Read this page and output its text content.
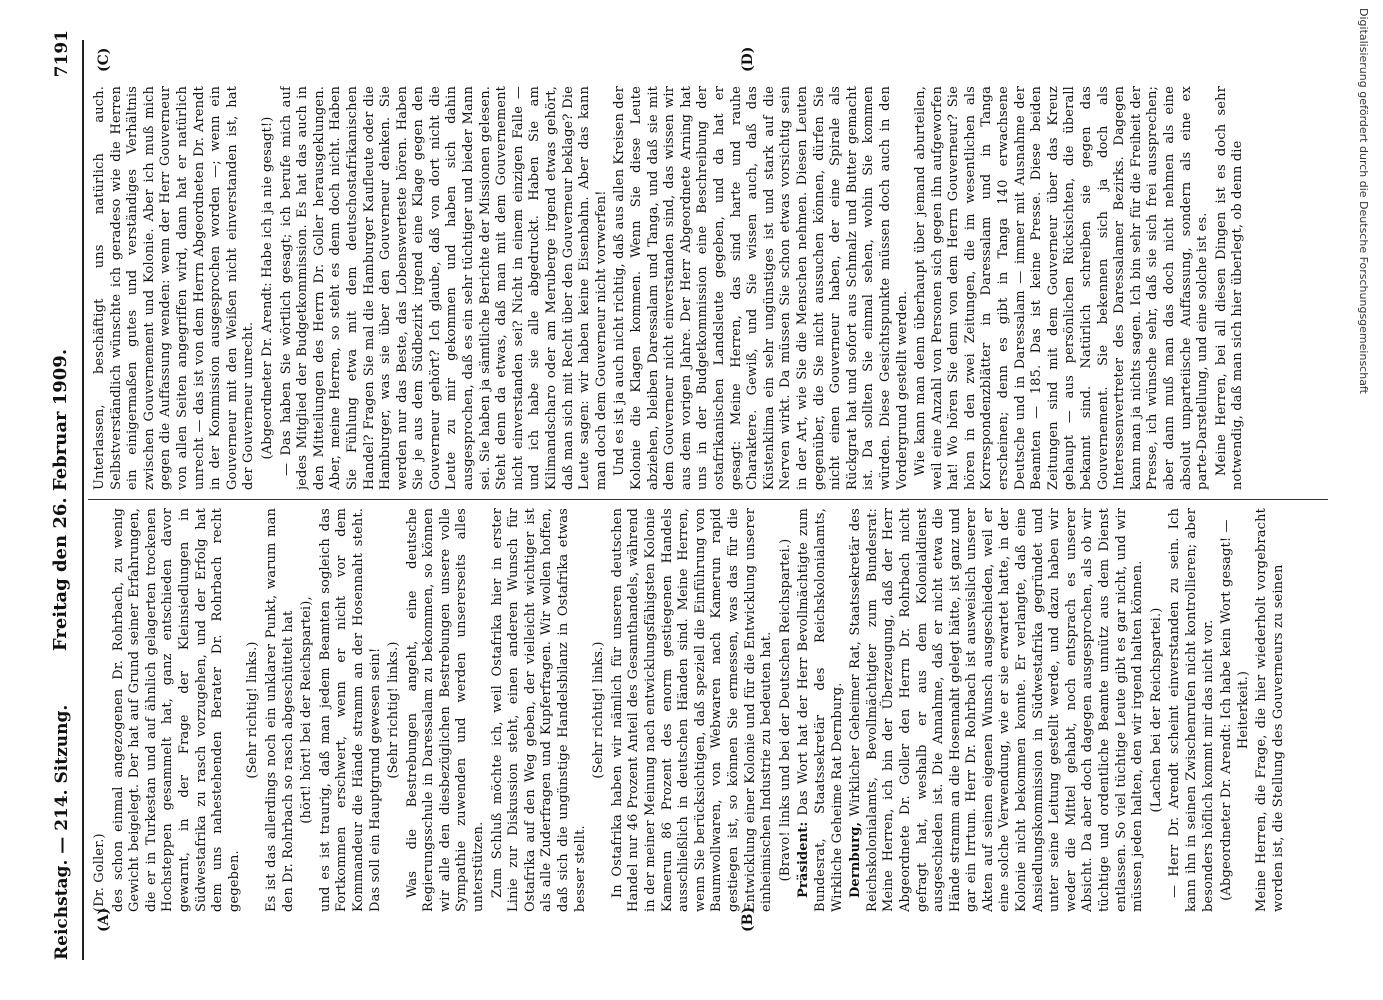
Reichstag. — 214. Sitzung.
Freitag den 26. Februar 1909.
7191
(A)	(B)
(C)	(D)

(Dr. Goller.) des schon einmal angezogenen Dr. Rohrbach, zu wenig Gewicht beigelegt. Der hat auf Grund seiner Erfahrungen, die er in Turkestan und auf ähnlich gelagerten trockenen Hochsteppen gesammelt hat, ganz entschieden davor gewarnt, in der Frage der Kleinsiedlungen in Südwestafrika zu rasch vorzugehen, und der Erfolg hat dem uns nahestehenden Berater Dr. Rohrbach recht gegeben.

(Sehr richtig! links.) Es ist das allerdings noch ein unklarer Punkt, warum man den Dr. Rohrbach so rasch abgeschüttelt hat (hört! hört! bei der Reichspartei), und es ist traurig, daß man jedem Beamten sogleich das Fortkommen erschwert, wenn er nicht vor dem Kommandeur die Hände stramm an der Hosennaht steht. Das soll ein Hauptgrund gewesen sein! (Sehr richtig! links.) Was die Bestrebungen angeht, eine deutsche Regierungsschule in Daressalam zu bekommen, so können wir alle den diesbezüglichen Bestrebungen unsere volle Sympathie zuwenden und werden unsererseits alles unterstützen. Zum Schluß möchte ich, weil Ostafrika hier in erster Linie zur Diskussion steht, einen anderen Wunsch für Ostafrika auf den Weg geben, der vielleicht wichtiger ist als alle Zuderfragen und Kupferfragen. Wir wollen hoffen, daß sich die ungünstige Handelsbilanz in Ostafrika etwas besser stellt.

(Sehr richtig! links.) In Ostafrika haben wir nämlich für unseren deutschen Handel nur 46 Prozent Anteil des Gesamthandels, während in der meiner Meinung nach entwicklungsfähigsten Kolonie Kamerun 86 Prozent des enorm gestiegenen Handels ausschließlich in deutschen Händen sind. Meine Herren, wenn Sie berücksichtigen, daß speziell die Einführung von Baumwollwaren, von Webwaren nach Kamerun rapid gestiegen ist, so können Sie ermessen, was das für die Entwicklung einer Kolonie und für die Entwicklung unserer einheimischen Industrie zu bedeuten hat. (Bravo! links und bei der Deutschen Reichspartei.) Präsident: Das Wort hat der Herr Bevollmächtigte zum Bundesrat, Staatssekretär des Reichskolonialamts, Wirkliche Geheime Rat Dernburg. Dernburg, Wirklicher Geheimer Rat, Staatssekretär des Reichskolonialamts, Bevollmächtigter zum Bundesrat: Meine Herren, ich bin der Überzeugung, daß der Herr Abgeordnete Dr. Goller den Herrn Dr. Rohrbach nicht gefragt hat, weshalb er aus dem Kolonialdienst ausgeschieden ist. Die Annahme, daß er nicht etwa die Hände stramm an die Hosennaht gelegt hätte, ist ganz und gar ein Irrtum. Herr Dr. Rohrbach ist ausweislich unserer Akten auf seinen eigenen Wunsch ausgeschieden, weil er eine solche Verwendung, wie er sie erwartet hatte, in der Kolonie nicht bekommen konnte. Er verlangte, daß eine Ansiedlungskommission in Südwestafrika gegründet und unter seine Leitung gestellt werde, und dazu haben wir weder die Mittel gehabt, noch entsprach es unserer Absicht. Da aber doch dagegen ausgesprochen, als ob wir tüchtige und ordentliche Beamte unnütz aus dem Dienst entlassen. So viel tüchtige Leute gibt es gar nicht, und wir müssen jeden halten, den wir irgend halten können. (Lachen bei der Reichspartei.) — Herr Dr. Arendt scheint einverstanden zu sein. Ich kann ihn in seinen Zwischenrufen nicht kontrollieren; aber besonders höflich kommt mir das nicht vor. (Abgeordneter Dr. Arendt: Ich habe kein Wort gesagt! — Heiterkeit.) Meine Herren, die Frage, die hier wiederholt vorgebracht worden ist, die Stellung des Gouverneurs zu seinen

Unterlassen, beschäftigt uns natürlich auch. Selbstverständlich wünschte ich geradeso wie die Herren ein einigermaßen gutes und verständiges Verhältnis zwischen Gouvernement und Kolonie. Aber ich muß mich gegen die Auffassung wenden: wenn der Herr Gouverneur von allen Seiten angegriffen wird, dann hat er natürlich unrecht — das ist von dem Herrn Abgeordneten Dr. Arendt in der Kommission ausgesprochen worden —; wenn ein Gouverneur mit den Weißen nicht einverstanden ist, hat der Gouverneur unrecht. (Abgeordneter Dr. Arendt: Habe ich ja nie gesagt!) — Das haben Sie wörtlich gesagt; ich berufe mich auf jedes Mitglied der Budgetkommission. Es hat das auch in den Mitteilungen des Herrn Dr. Goller herausgeklungen. Aber, meine Herren, so steht es denn doch nicht. Haben Sie Fühlung etwa mit dem deutschostafrikanischen Handel? Fragen Sie mal die Hamburger Kaufleute oder die Hamburger, was sie über den Gouverneur denken. Sie werden nur das Beste, das Lobenswerteste hören. Haben Sie je aus dem Südbezirk irgend eine Klage gegen den Gouverneur gehört? Ich glaube, daß von dort nicht die Leute zu mir gekommen und haben sich dahin ausgesprochen, daß es ein sehr tüchtiger und bieder Mann sei. Sie haben ja sämtliche Berichte der Missionen gelesen. Steht denn da etwas, daß man mit dem Gouvernement nicht einverstanden sei? Nicht in einem einzigen Falle — und ich habe sie alle abgedruckt. Haben Sie am Kilimandscharo oder am Meruberge irgend etwas gehört, daß man sich mit Recht über den Gouverneur beklage? Die Leute sagen: wir haben keine Eisenbahn. Aber das kann man doch dem Gouverneur nicht vorwerfen! Und es ist ja auch nicht richtig, daß aus allen Kreisen der Kolonie die Klagen kommen. Wenn Sie diese Leute abziehen, bleiben Daressalam und Tanga, und daß sie mit dem Gouverneur nicht einverstanden sind, das wissen wir aus dem vorigen Jahre. Der Herr Abgeordnete Arning hat uns in der Budgetkommission eine Beschreibung der ostafrikanischen Landsleute gegeben, und da hat er gesagt: Meine Herren, das sind harte und rauhe Charaktere. Gewiß, und Sie wissen auch, daß das Küstenklima ein sehr ungünstiges ist und stark auf die Nerven wirkt. Da müssen Sie schon etwas vorsichtig sein in der Art, wie Sie die Menschen nehmen. Diesen Leuten gegenüber, die Sie nicht aussuchen können, dürfen Sie nicht einen Gouverneur haben, der eine Spirale als Rückgrat hat und sofort aus Schmalz und Butter gemacht ist. Da sollten Sie einmal sehen, wohin Sie kommen würden. Diese Gesichtspunkte müssen doch auch in den Vordergrund gestellt werden. Wie kann man denn überhaupt über jemand aburteilen, weil eine Anzahl von Personen sich gegen ihn aufgeworfen hat! Wo hören Sie denn von dem Herrn Gouverneur? Sie hören in den zwei Zeitungen, die im wesentlichen als Korrespondenzblätter in Daressalam und in Tanga erscheinen; denn es gibt in Tanga 140 erwachsene Deutsche und in Daressalam — immer mit Ausnahme der Beamten — 185. Das ist keine Presse. Diese beiden Zeitungen sind mit dem Gouverneur über das Kreuz gehaupt — aus persönlichen Rücksichten, die überall bekannt sind. Natürlich schreiben sie gegen das Gouvernement. Sie bekennen sich ja doch als Interessenvertreter des Daressalamer Bezirks. Dagegen kann man ja nichts sagen. Ich bin sehr für die Freiheit der Presse, ich wünsche sehr, daß sie sich frei aussprechen; aber dann muß man das doch nicht nehmen als eine absolut unparteiische Auffassung, sondern als eine ex parte-Darstellung, und eine solche ist es. Meine Herren, bei all diesen Dingen ist es doch sehr notwendig, daß man sich hier überlegt, ob denn die	Digitalisierung gefördert durch die Deutsche Forschungsgemeinschaft
